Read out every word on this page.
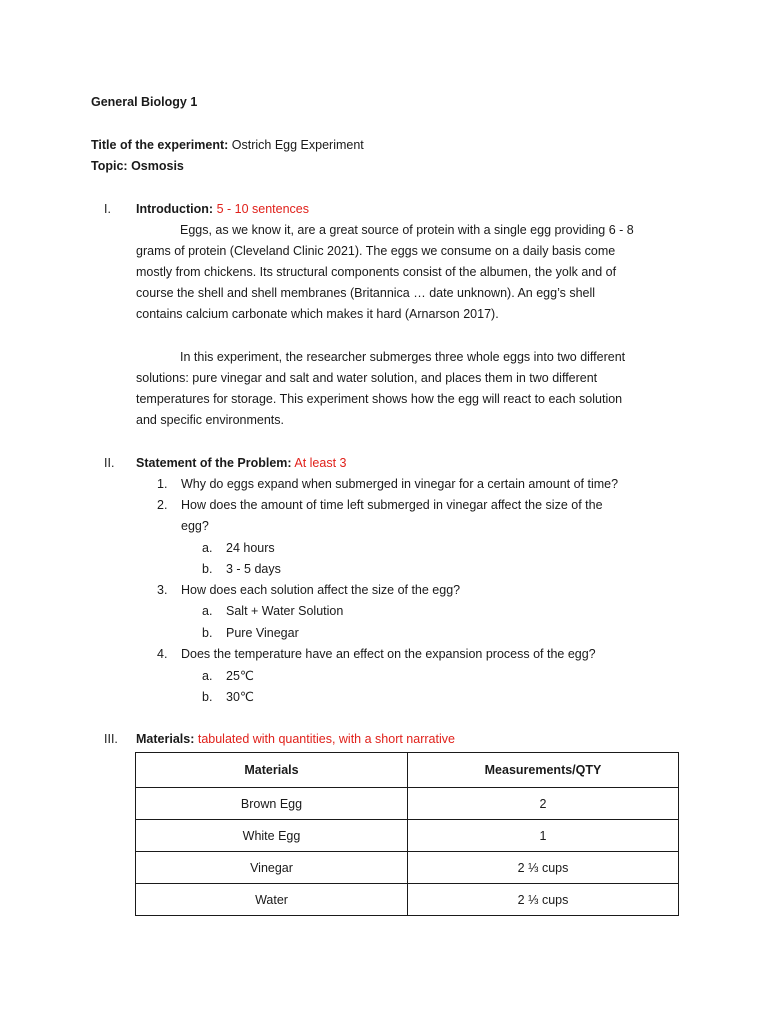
General Biology 1
Title of the experiment: Ostrich Egg Experiment
Topic: Osmosis
I. Introduction: 5 - 10 sentences
Eggs, as we know it, are a great source of protein with a single egg providing 6 - 8
grams of protein (Cleveland Clinic 2021). The eggs we consume on a daily basis come
mostly from chickens. Its structural components consist of the albumen, the yolk and of
course the shell and shell membranes (Britannica … date unknown). An egg’s shell
contains calcium carbonate which makes it hard (Arnarson 2017).
In this experiment, the researcher submerges three whole eggs into two different
solutions: pure vinegar and salt and water solution, and places them in two different
temperatures for storage. This experiment shows how the egg will react to each solution
and specific environments.
II. Statement of the Problem: At least 3
1. Why do eggs expand when submerged in vinegar for a certain amount of time?
2. How does the amount of time left submerged in vinegar affect the size of the
egg?
a. 24 hours
b. 3 - 5 days
3. How does each solution affect the size of the egg?
a. Salt + Water Solution
b. Pure Vinegar
4. Does the temperature have an effect on the expansion process of the egg?
a. 25℃
b. 30℃
III. Materials: tabulated with quantities, with a short narrative
Materials	Measurements/QTY
Brown Egg	2
White Egg	1
Vinegar	2 ⅓ cups
Water	2 ⅓ cups
